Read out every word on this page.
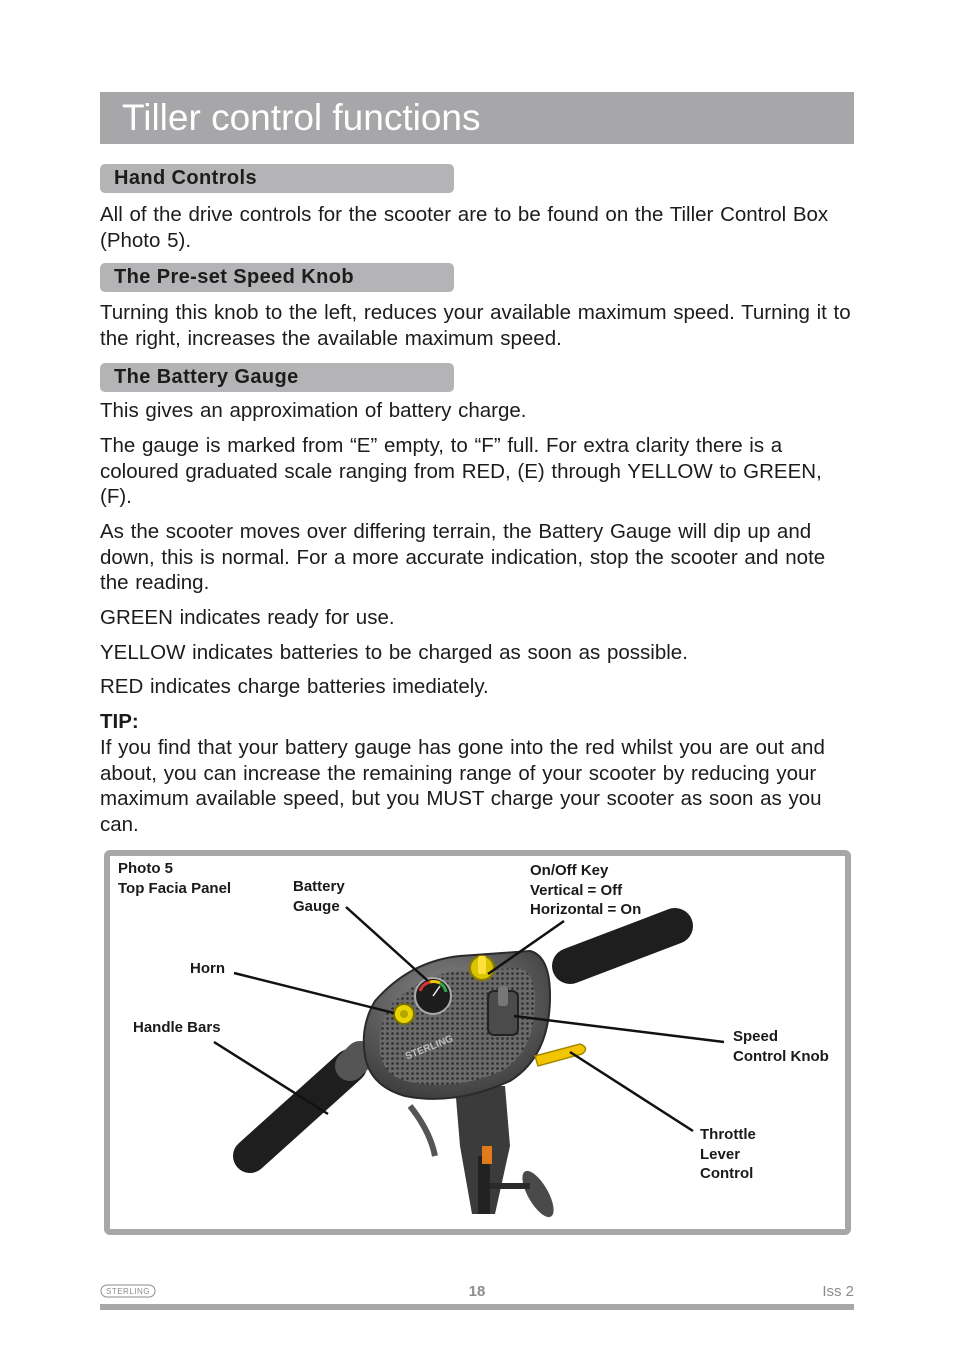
Tiller control functions
Hand Controls

All of the drive controls for the scooter are to be found on the Tiller Control Box (Photo 5).

The Pre-set Speed Knob

Turning this knob to the left, reduces your available maximum speed. Turning it to the right, increases the available maximum speed.

The Battery Gauge

This gives an approximation of battery charge.

The gauge is marked from “E” empty, to “F” full. For extra clarity there is a coloured graduated scale ranging from RED, (E) through YELLOW to GREEN, (F).

As the scooter moves over differing terrain, the Battery Gauge will dip up and down, this is normal. For a more accurate indication, stop the scooter and note the reading.

GREEN indicates ready for use.

YELLOW indicates batteries to be charged as soon as possible.

RED indicates charge batteries imediately.

TIP:

If you find that your battery gauge has gone into the red whilst you are out and about, you can increase the remaining range of your scooter by reducing your maximum available speed, but you MUST charge your scooter as soon as you can.

STERLING
Photo 5
Top Facia Panel	Battery
Gauge
On/Off Key
Vertical = Off
Horizontal = On
Horn
Handle Bars
Speed
Control Knob
Throttle
Lever
Control
STERLING	18	Iss 2
